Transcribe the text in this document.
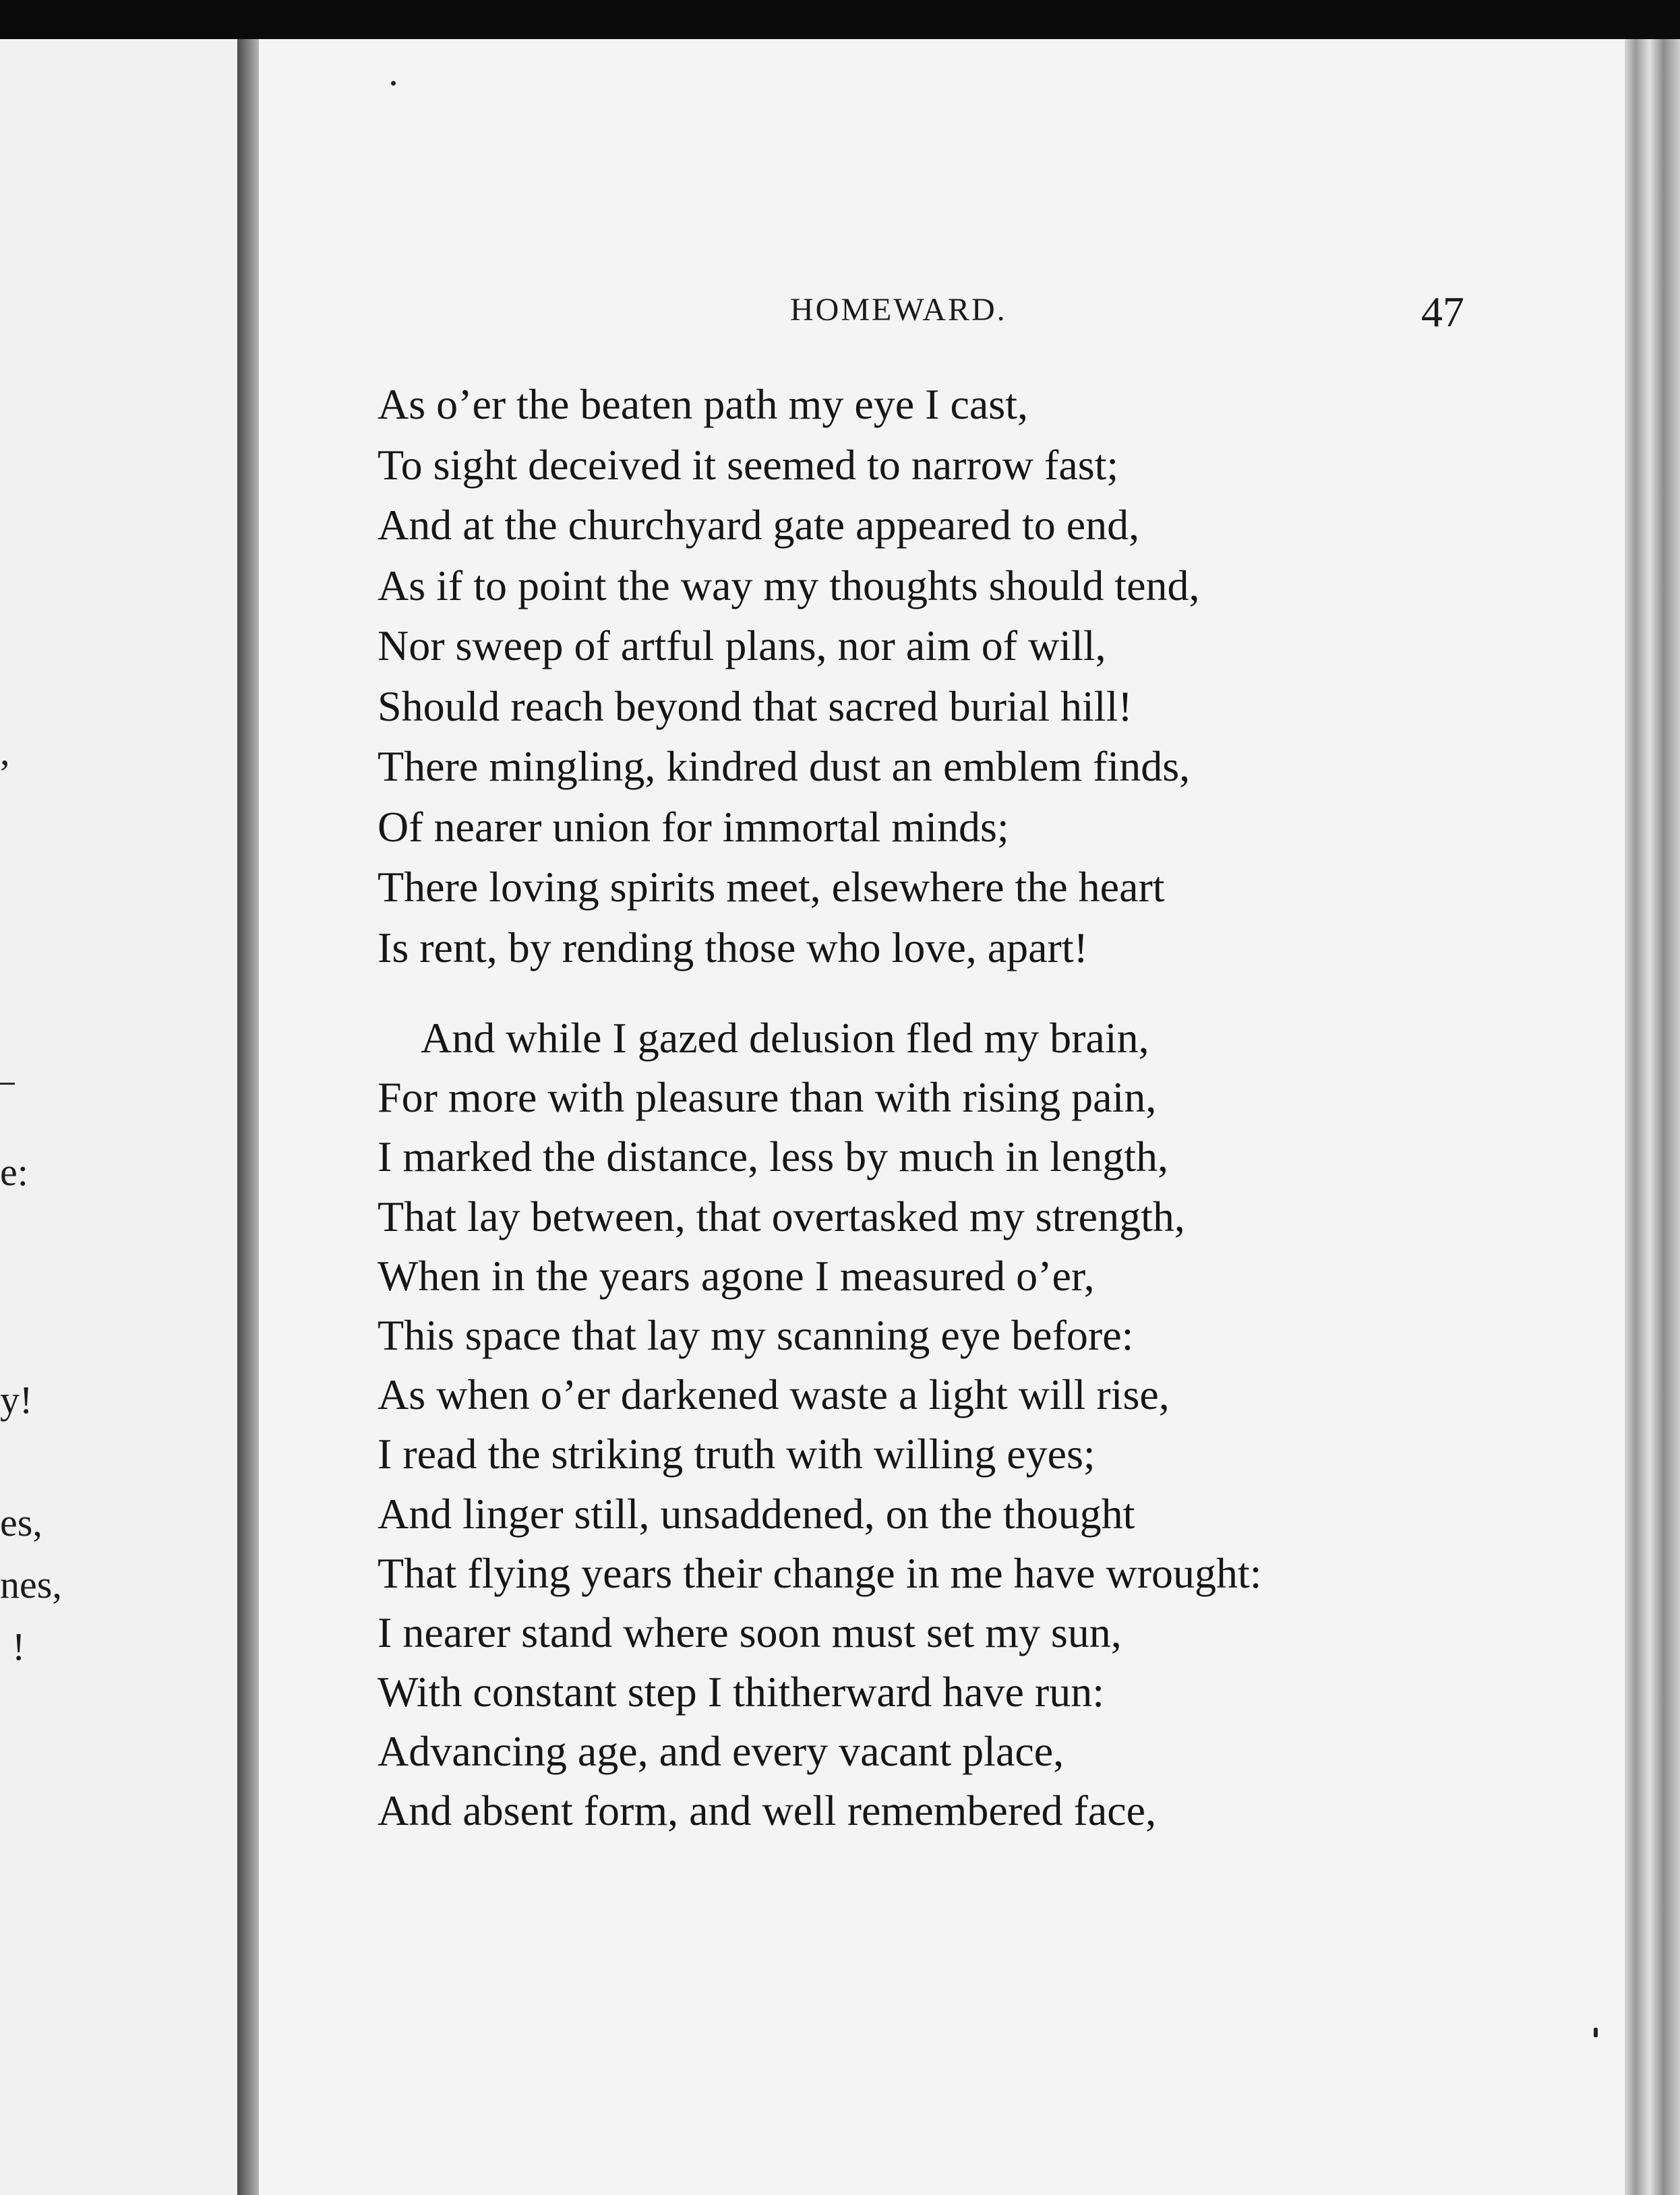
,
e:
y!
es,
nes,
!
HOMEWARD.	47
As o’er the beaten path my eye I cast,
To sight deceived it seemed to narrow fast;
And at the churchyard gate appeared to end,
As if to point the way my thoughts should tend,
Nor sweep of artful plans, nor aim of will,
Should reach beyond that sacred burial hill!
There mingling, kindred dust an emblem finds,
Of nearer union for immortal minds;
There loving spirits meet, elsewhere the heart
Is rent, by rending those who love, apart!
And while I gazed delusion fled my brain,
For more with pleasure than with rising pain,
I marked the distance, less by much in length,
That lay between, that overtasked my strength,
When in the years agone I measured o’er,
This space that lay my scanning eye before:
As when o’er darkened waste a light will rise,
I read the striking truth with willing eyes;
And linger still, unsaddened, on the thought
That flying years their change in me have wrought:
I nearer stand where soon must set my sun,
With constant step I thitherward have run:
Advancing age, and every vacant place,
And absent form, and well remembered face,
